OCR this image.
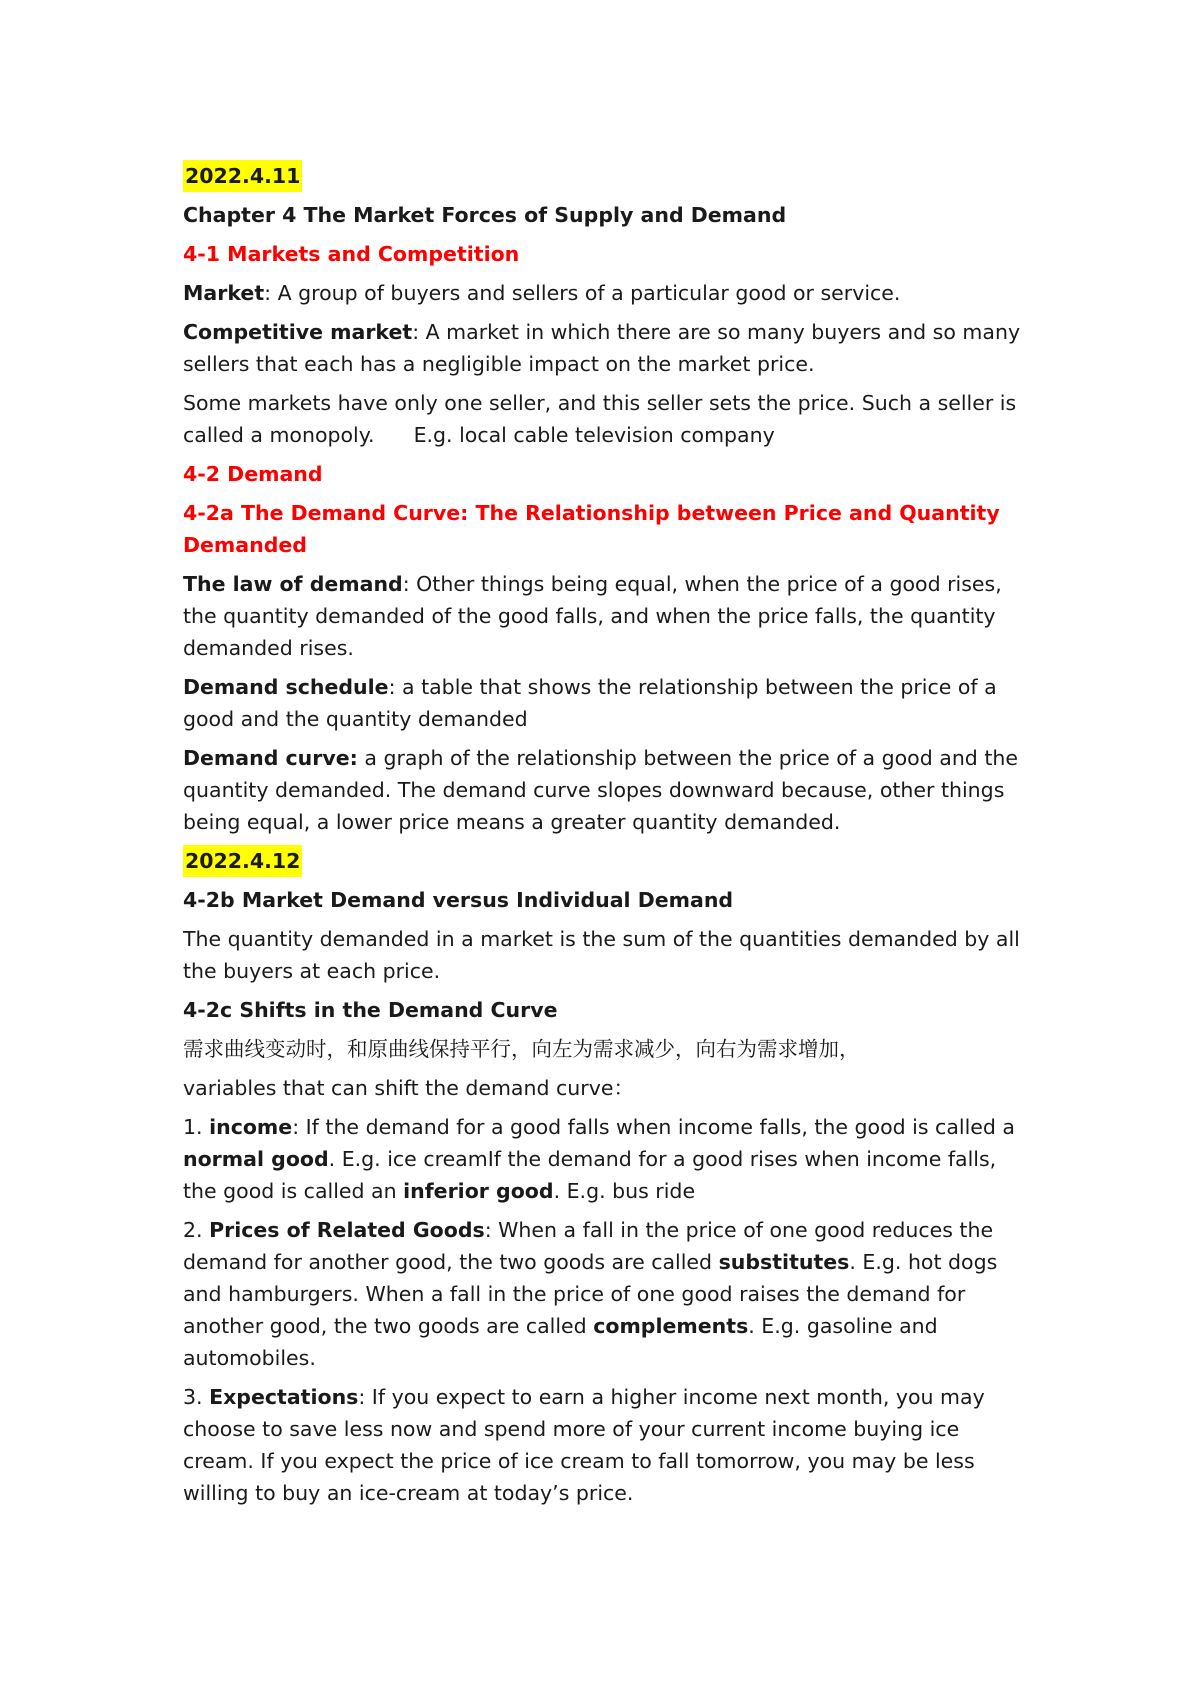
2022.4.11

Chapter 4 The Market Forces of Supply and Demand

4-1 Markets and Competition

Market: A group of buyers and sellers of a particular good or service.

Competitive market: A market in which there are so many buyers and so many sellers that each has a negligible impact on the market price.

Some markets have only one seller, and this seller sets the price. Such a seller is called a monopoly. E.g. local cable television company

4-2 Demand

4-2a The Demand Curve: The Relationship between Price and Quantity Demanded

The law of demand: Other things being equal, when the price of a good rises, the quantity demanded of the good falls, and when the price falls, the quantity demanded rises.

Demand schedule: a table that shows the relationship between the price of a good and the quantity demanded

Demand curve: a graph of the relationship between the price of a good and the quantity demanded. The demand curve slopes downward because, other things being equal, a lower price means a greater quantity demanded.

2022.4.12

4-2b Market Demand versus Individual Demand

The quantity demanded in a market is the sum of the quantities demanded by all the buyers at each price.

4-2c Shifts in the Demand Curve

需求曲线变动时，和原曲线保持平行，向左为需求减少，向右为需求增加，

variables that can shift the demand curve：

1. income: If the demand for a good falls when income falls, the good is called a normal good. E.g. ice creamIf the demand for a good rises when income falls, the good is called an inferior good. E.g. bus ride

2. Prices of Related Goods: When a fall in the price of one good reduces the demand for another good, the two goods are called substitutes. E.g. hot dogs and hamburgers. When a fall in the price of one good raises the demand for another good, the two goods are called complements. E.g. gasoline and automobiles.

3. Expectations: If you expect to earn a higher income next month, you may choose to save less now and spend more of your current income buying ice cream. If you expect the price of ice cream to fall tomorrow, you may be less willing to buy an ice-cream at today’s price.
